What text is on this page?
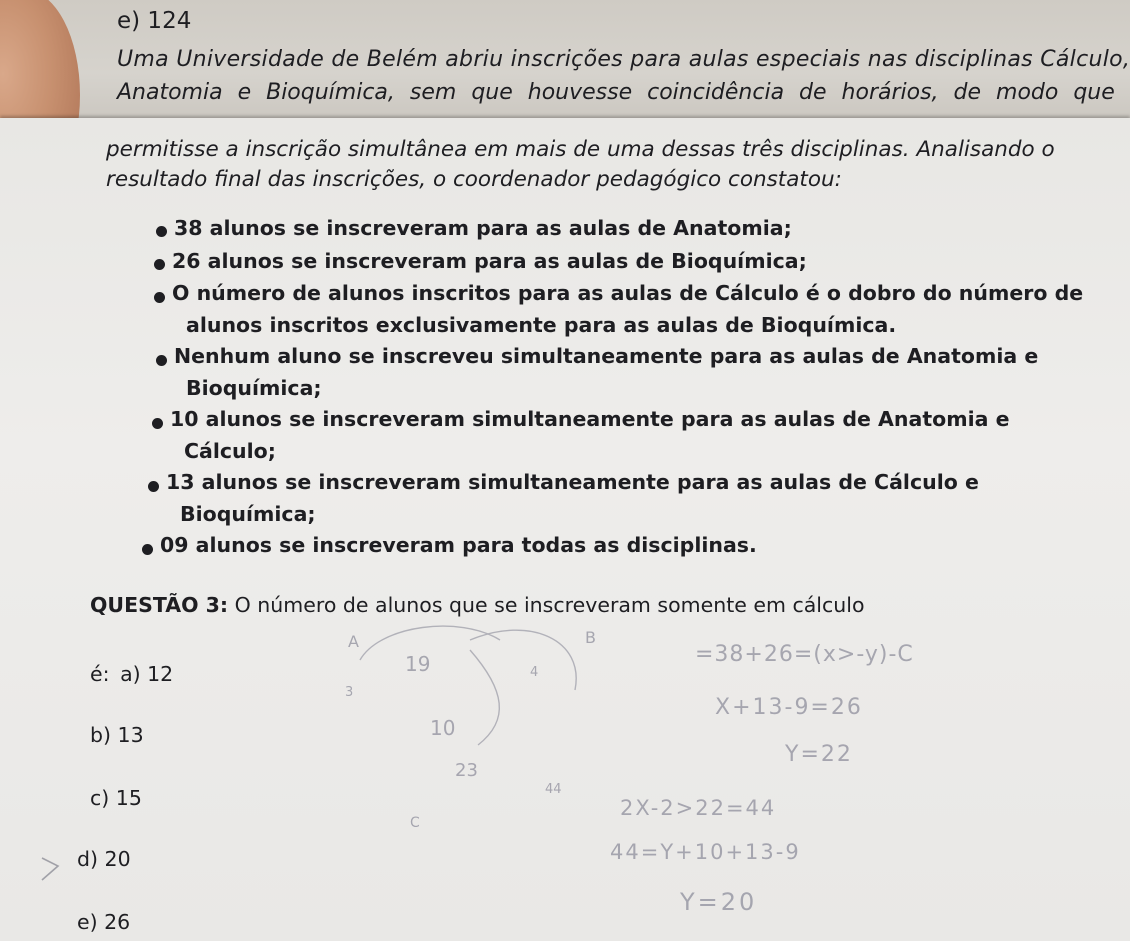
e) 124
Uma Universidade de Belém abriu inscrições para aulas especiais nas disciplinas Cálculo,
Anatomia e Bioquímica, sem que houvesse coincidência de horários, de modo que
permitisse a inscrição simultânea em mais de uma dessas três disciplinas. Analisando o
resultado final das inscrições, o coordenador pedagógico constatou:
38 alunos se inscreveram para as aulas de Anatomia;
26 alunos se inscreveram para as aulas de Bioquímica;
O número de alunos inscritos para as aulas de Cálculo é o dobro do número de
alunos inscritos exclusivamente para as aulas de Bioquímica.
Nenhum aluno se inscreveu simultaneamente para as aulas de Anatomia e
Bioquímica;
10 alunos se inscreveram simultaneamente para as aulas de Anatomia e
Cálculo;
13 alunos se inscreveram simultaneamente para as aulas de Cálculo e
Bioquímica;
09 alunos se inscreveram para todas as disciplinas.
QUESTÃO 3: O número de alunos que se inscreveram somente em cálculo
é: a) 12
b) 13
c) 15
d) 20
e) 26
A	B
19	4
3
10
23
44
C
=38+26=(x>-y)-C
X+13-9=26
Y=22
2X-2>22=44
44=Y+10+13-9
Y=20
